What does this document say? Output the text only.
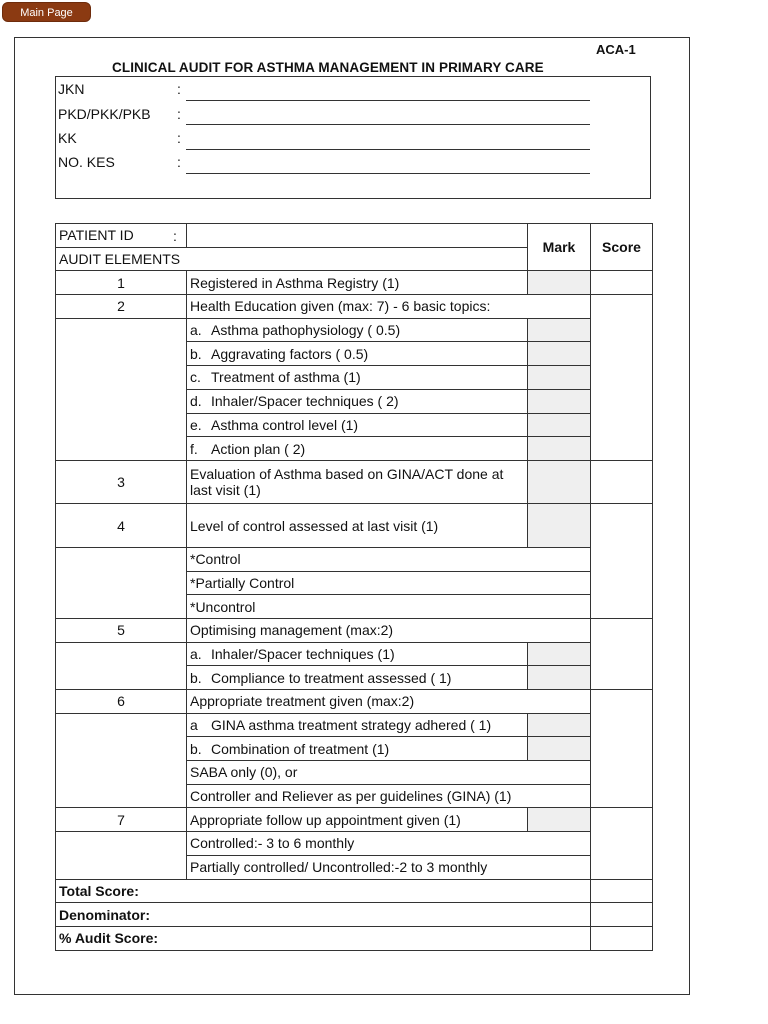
Main Page
ACA-1
CLINICAL AUDIT FOR ASTHMA MANAGEMENT IN PRIMARY CARE
JKN	:
PKD/PKK/PKB :
KK	:
NO. KES	:
PATIENT ID :		Mark	Score
AUDIT ELEMENTS			
1	Registered in Asthma Registry (1)		
2	Health Education given (max: 7) - 6 basic topics:		
	a. Asthma pathophysiology ( 0.5)		
	b. Aggravating factors ( 0.5)		
	c. Treatment of asthma (1)		
	d. Inhaler/Spacer techniques ( 2)		
	e. Asthma control level (1)		
	f. Action plan ( 2)		
3	Evaluation of Asthma based on GINA/ACT done at last visit (1)		
4	Level of control assessed at last visit (1)		
	*Control		
	*Partially Control		
	*Uncontrol		
5	Optimising management (max:2)		
	a. Inhaler/Spacer techniques (1)		
	b. Compliance to treatment assessed ( 1)		
6	Appropriate treatment given (max:2)		
	a GINA asthma treatment strategy adhered ( 1)		
	b. Combination of treatment (1)		
	SABA only (0), or		
	Controller and Reliever as per guidelines (GINA) (1)		
7	Appropriate follow up appointment given (1)		
	Controlled:- 3 to 6 monthly		
	Partially controlled/ Uncontrolled:-2 to 3 monthly		
Total Score:			
Denominator:			
% Audit Score:			
